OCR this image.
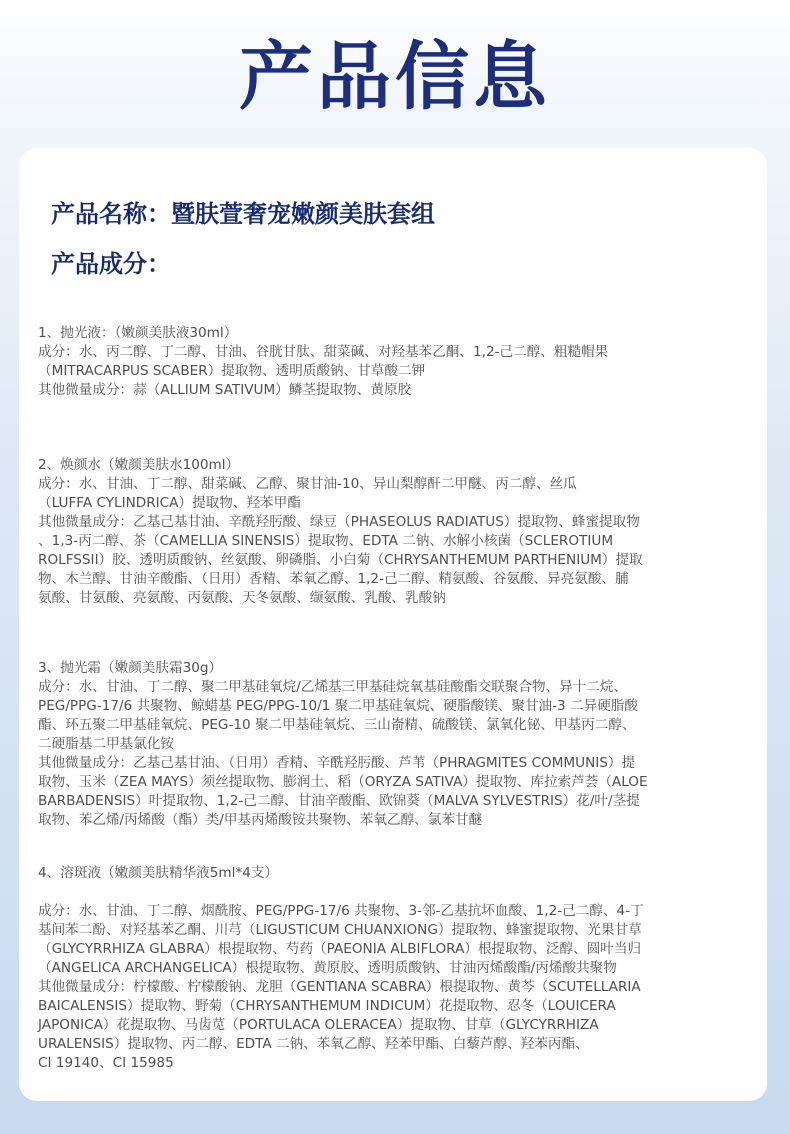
产品信息
产品名称：暨肤萱奢宠嫩颜美肤套组
产品成分：
1、抛光液：（嫩颜美肤液30ml）
成分：水、丙二醇、丁二醇、甘油、谷胱甘肽、甜菜碱、对羟基苯乙酮、1,2-己二醇、粗糙帽果
（MITRACARPUS SCABER）提取物、透明质酸钠、甘草酸二钾
其他微量成分：蒜（ALLIUM SATIVUM）鳞茎提取物、黄原胶
2、焕颜水（嫩颜美肤水100ml）
成分：水、甘油、丁二醇、甜菜碱、乙醇、聚甘油-10、异山梨醇酐二甲醚、丙二醇、丝瓜
（LUFFA CYLINDRICA）提取物、羟苯甲酯
其他微量成分：乙基己基甘油、辛酰羟肟酸、绿豆（PHASEOLUS RADIATUS）提取物、蜂蜜提取物
、1,3-丙二醇、茶（CAMELLIA SINENSIS）提取物、EDTA 二钠、水解小核菌（SCLEROTIUM
ROLFSSII）胶、透明质酸钠、丝氨酸、卵磷脂、小白菊（CHRYSANTHEMUM PARTHENIUM）提取
物、木兰醇、甘油辛酸酯、（日用）香精、苯氧乙醇、1,2-己二醇、精氨酸、谷氨酸、异亮氨酸、脯
氨酸、甘氨酸、亮氨酸、丙氨酸、天冬氨酸、缬氨酸、乳酸、乳酸钠
3、抛光霜（嫩颜美肤霜30g）
成分：水、甘油、丁二醇、聚二甲基硅氧烷/乙烯基三甲基硅烷氧基硅酸酯交联聚合物、异十二烷、
PEG/PPG-17/6 共聚物、鲸蜡基 PEG/PPG-10/1 聚二甲基硅氧烷、硬脂酸镁、聚甘油-3 二异硬脂酸
酯、环五聚二甲基硅氧烷、PEG-10 聚二甲基硅氧烷、三山嵛精、硫酸镁、氯氧化铋、甲基丙二醇、
二硬脂基二甲基氯化铵
其他微量成分：乙基己基甘油、（日用）香精、辛酰羟肟酸、芦苇（PHRAGMITES COMMUNIS）提
取物、玉米（ZEA MAYS）须丝提取物、膨润土、稻（ORYZA SATIVA）提取物、库拉索芦荟（ALOE
BARBADENSIS）叶提取物、1,2-己二醇、甘油辛酸酯、欧锦葵（MALVA SYLVESTRIS）花/叶/茎提
取物、苯乙烯/丙烯酸（酯）类/甲基丙烯酸铵共聚物、苯氧乙醇、氯苯甘醚
4、溶斑液（嫩颜美肤精华液5ml*4支）
成分：水、甘油、丁二醇、烟酰胺、PEG/PPG-17/6 共聚物、3-邻-乙基抗坏血酸、1,2-己二醇、4-丁
基间苯二酚、对羟基苯乙酮、川芎（LIGUSTICUM CHUANXIONG）提取物、蜂蜜提取物、光果甘草
（GLYCYRRHIZA GLABRA）根提取物、芍药（PAEONIA ALBIFLORA）根提取物、泛醇、圆叶当归
（ANGELICA ARCHANGELICA）根提取物、黄原胶、透明质酸钠、甘油丙烯酸酯/丙烯酸共聚物
其他微量成分：柠檬酸、柠檬酸钠、龙胆（GENTIANA SCABRA）根提取物、黄芩（SCUTELLARIA
BAICALENSIS）提取物、野菊（CHRYSANTHEMUM INDICUM）花提取物、忍冬（LOUICERA
JAPONICA）花提取物、马齿苋（PORTULACA OLERACEA）提取物、甘草（GLYCYRRHIZA
URALENSIS）提取物、丙二醇、EDTA 二钠、苯氧乙醇、羟苯甲酯、白藜芦醇、羟苯丙酯、
CI 19140、CI 15985
